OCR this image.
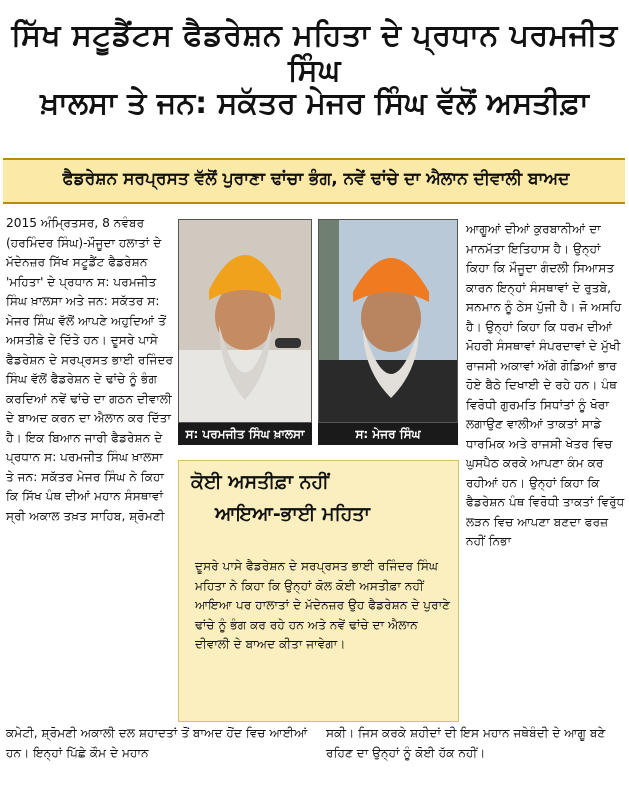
ਸਿੱਖ ਸਟੂਡੈਂਟਸ ਫੈਡਰੇਸ਼ਨ ਮਹਿਤਾ ਦੇ ਪ੍ਰਧਾਨ ਪਰਮਜੀਤ ਸਿੰਘ
ਖ਼ਾਲਸਾ ਤੇ ਜਨ: ਸਕੱਤਰ ਮੇਜਰ ਸਿੰਘ ਵੱਲੋਂ ਅਸਤੀਫ਼ਾ
ਫੈਡਰੇਸ਼ਨ ਸਰਪ੍ਰਸਤ ਵੱਲੋਂ ਪੁਰਾਣਾ ਢਾਂਚਾ ਭੰਗ, ਨਵੇਂ ਢਾਂਚੇ ਦਾ ਐਲਾਨ ਦੀਵਾਲੀ ਬਾਅਦ

2015 ਅੰਮ੍ਰਿਤਸਰ, 8 ਨਵੰਬਰ (ਹਰਮਿੰਦਰ ਸਿੰਘ)-ਮੌਜੂਦਾ ਹਲਾਤਾਂ ਦੇ ਮੱਦੇਨਜ਼ਰ ਸਿੱਖ ਸਟੂਡੈਂਟ ਫੈਡਰੇਸ਼ਨ 'ਮਹਿਤਾ' ਦੇ ਪ੍ਰਧਾਨ ਸ: ਪਰਮਜੀਤ ਸਿੰਘ ਖ਼ਾਲਸਾ ਅਤੇ ਜਨ: ਸਕੱਤਰ ਸ: ਮੇਜਰ ਸਿੰਘ ਵੱਲੋਂ ਆਪਣੇ ਅਹੁਦਿਆਂ ਤੋਂ ਅਸਤੀਫ਼ੇ ਦੇ ਦਿੱਤੇ ਹਨ। ਦੂਸਰੇ ਪਾਸੇ ਫੈਡਰੇਸ਼ਨ ਦੇ ਸਰਪ੍ਰਸਤ ਭਾਈ ਰਜਿੰਦਰ ਸਿੰਘ ਵੱਲੋਂ ਫੈਡਰੇਸ਼ਨ ਦੇ ਢਾਂਚੇ ਨੂੰ ਭੰਗ ਕਰਦਿਆਂ ਨਵੇਂ ਢਾਂਚੇ ਦਾ ਗਠਨ ਦੀਵਾਲੀ ਦੇ ਬਾਅਦ ਕਰਨ ਦਾ ਐਲਾਨ ਕਰ ਦਿੱਤਾ ਹੈ। ਇਕ ਬਿਆਨ ਜਾਰੀ ਫੈਡਰੇਸ਼ਨ ਦੇ ਪ੍ਰਧਾਨ ਸ: ਪਰਮਜੀਤ ਸਿੰਘ ਖ਼ਾਲਸਾ ਤੇ ਜਨ: ਸਕੱਤਰ ਮੇਜਰ ਸਿੰਘ ਨੇ ਕਿਹਾ ਕਿ ਸਿੱਖ ਪੰਥ ਦੀਆਂ ਮਹਾਨ ਸੰਸਥਾਵਾਂ ਸ੍ਰੀ ਅਕਾਲ ਤਖ਼ਤ ਸਾਹਿਬ, ਸ਼੍ਰੋਮਣੀ

ਸ: ਪਰਮਜੀਤ ਸਿੰਘ ਖ਼ਾਲਸਾ	ਸ: ਮੇਜਰ ਸਿੰਘ
ਕੋਈ ਅਸਤੀਫ਼ਾ ਨਹੀਂ
ਆਇਆ-ਭਾਈ ਮਹਿਤਾ
ਦੂਸਰੇ ਪਾਸੇ ਫੈਡਰੇਸ਼ਨ ਦੇ ਸਰਪ੍ਰਸਤ ਭਾਈ ਰਜਿੰਦਰ ਸਿੰਘ ਮਹਿਤਾ ਨੇ ਕਿਹਾ ਕਿ ਉਨ੍ਹਾਂ ਕੋਲ ਕੋਈ ਅਸਤੀਫ਼ਾ ਨਹੀਂ ਆਇਆ ਪਰ ਹਾਲਾਤਾਂ ਦੇ ਮੱਦੇਨਜ਼ਰ ਉਹ ਫੈਡਰੇਸ਼ਨ ਦੇ ਪੁਰਾਣੇ ਢਾਂਚੇ ਨੂੰ ਭੰਗ ਕਰ ਰਹੇ ਹਨ ਅਤੇ ਨਵੇਂ ਢਾਂਚੇ ਦਾ ਐਲਾਨ ਦੀਵਾਲੀ ਦੇ ਬਾਅਦ ਕੀਤਾ ਜਾਵੇਗਾ।

ਆਗੂਆਂ ਦੀਆਂ ਕੁਰਬਾਨੀਆਂ ਦਾ ਮਾਨਮੱਤਾ ਇਤਿਹਾਸ ਹੈ। ਉਨ੍ਹਾਂ ਕਿਹਾ ਕਿ ਮੌਜੂਦਾ ਗੰਦਲੀ ਸਿਆਸਤ ਕਾਰਨ ਇਨ੍ਹਾਂ ਸੰਸਥਾਵਾਂ ਦੇ ਰੁਤਬੇ, ਸਨਮਾਨ ਨੂੰ ਠੇਸ ਪੁੱਜੀ ਹੈ। ਜੋ ਅਸਹਿ ਹੈ। ਉਨ੍ਹਾਂ ਕਿਹਾ ਕਿ ਧਰਮ ਦੀਆਂ ਮੋਹਰੀ ਸੰਸਥਾਵਾਂ ਸੰਪਰਦਾਵਾਂ ਦੇ ਮੁੱਖੀ ਰਾਜਸੀ ਅਕਾਵਾਂ ਅੱਗੇ ਗੋਡਿਆਂ ਭਾਰ ਹੋਏ ਬੈਠੇ ਦਿਖਾਈ ਦੇ ਰਹੇ ਹਨ। ਪੰਥ ਵਿਰੋਧੀ ਗੁਰਮਤਿ ਸਿਧਾਂਤਾਂ ਨੂੰ ਖੋਰਾ ਲਗਾਉਣ ਵਾਲੀਆਂ ਤਾਕਤਾਂ ਸਾਡੇ ਧਾਰਮਿਕ ਅਤੇ ਰਾਜਸੀ ਖੇਤਰ ਵਿਚ ਘੁਸਪੈਠ ਕਰਕੇ ਆਪਣਾ ਕੰਮ ਕਰ ਰਹੀਆਂ ਹਨ। ਉਨ੍ਹਾਂ ਕਿਹਾ ਕਿ ਫੈਡਰੇਸ਼ਨ ਪੰਥ ਵਿਰੋਧੀ ਤਾਕਤਾਂ ਵਿਰੁੱਧ ਲੜਨ ਵਿਚ ਆਪਣਾ ਬਣਦਾ ਫਰਜ਼ ਨਹੀਂ ਨਿਭਾ

ਕਮੇਟੀ, ਸ਼੍ਰੋਮਣੀ ਅਕਾਲੀ ਦਲ ਸ਼ਹਾਦਤਾਂ ਤੋਂ ਬਾਅਦ ਹੋਂਦ ਵਿਚ ਆਈਆਂ ਹਨ। ਇਨ੍ਹਾਂ ਪਿੱਛੇ ਕੌਮ ਦੇ ਮਹਾਨ
ਸਕੀ। ਜਿਸ ਕਰਕੇ ਸ਼ਹੀਦਾਂ ਦੀ ਇਸ ਮਹਾਨ ਜਥੇਬੰਦੀ ਦੇ ਆਗੂ ਬਣੇ ਰਹਿਣ ਦਾ ਉਨ੍ਹਾਂ ਨੂੰ ਕੋਈ ਹੱਕ ਨਹੀਂ।
